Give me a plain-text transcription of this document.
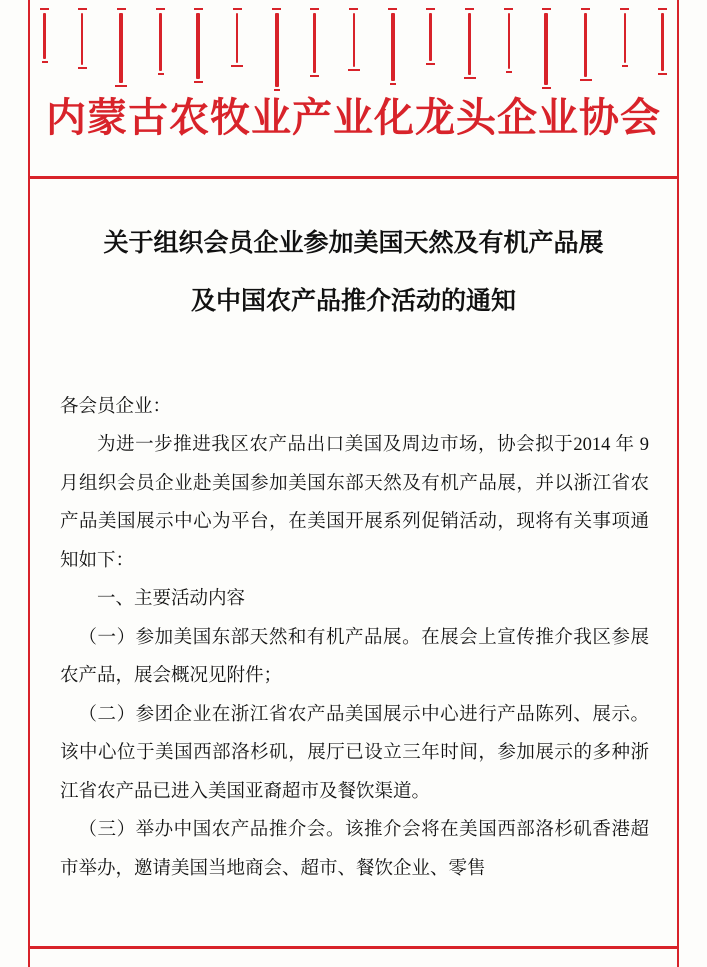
内蒙古农牧业产业化龙头企业协会
关于组织会员企业参加美国天然及有机产品展
及中国农产品推介活动的通知

各会员企业：

为进一步推进我区农产品出口美国及周边市场，协会拟于2014 年 9 月组织会员企业赴美国参加美国东部天然及有机产品展，并以浙江省农产品美国展示中心为平台，在美国开展系列促销活动，现将有关事项通知如下：

一、主要活动内容

（一）参加美国东部天然和有机产品展。在展会上宣传推介我区参展农产品，展会概况见附件；

（二）参团企业在浙江省农产品美国展示中心进行产品陈列、展示。该中心位于美国西部洛杉矶，展厅已设立三年时间，参加展示的多种浙江省农产品已进入美国亚裔超市及餐饮渠道。

（三）举办中国农产品推介会。该推介会将在美国西部洛杉矶香港超市举办，邀请美国当地商会、超市、餐饮企业、零售
